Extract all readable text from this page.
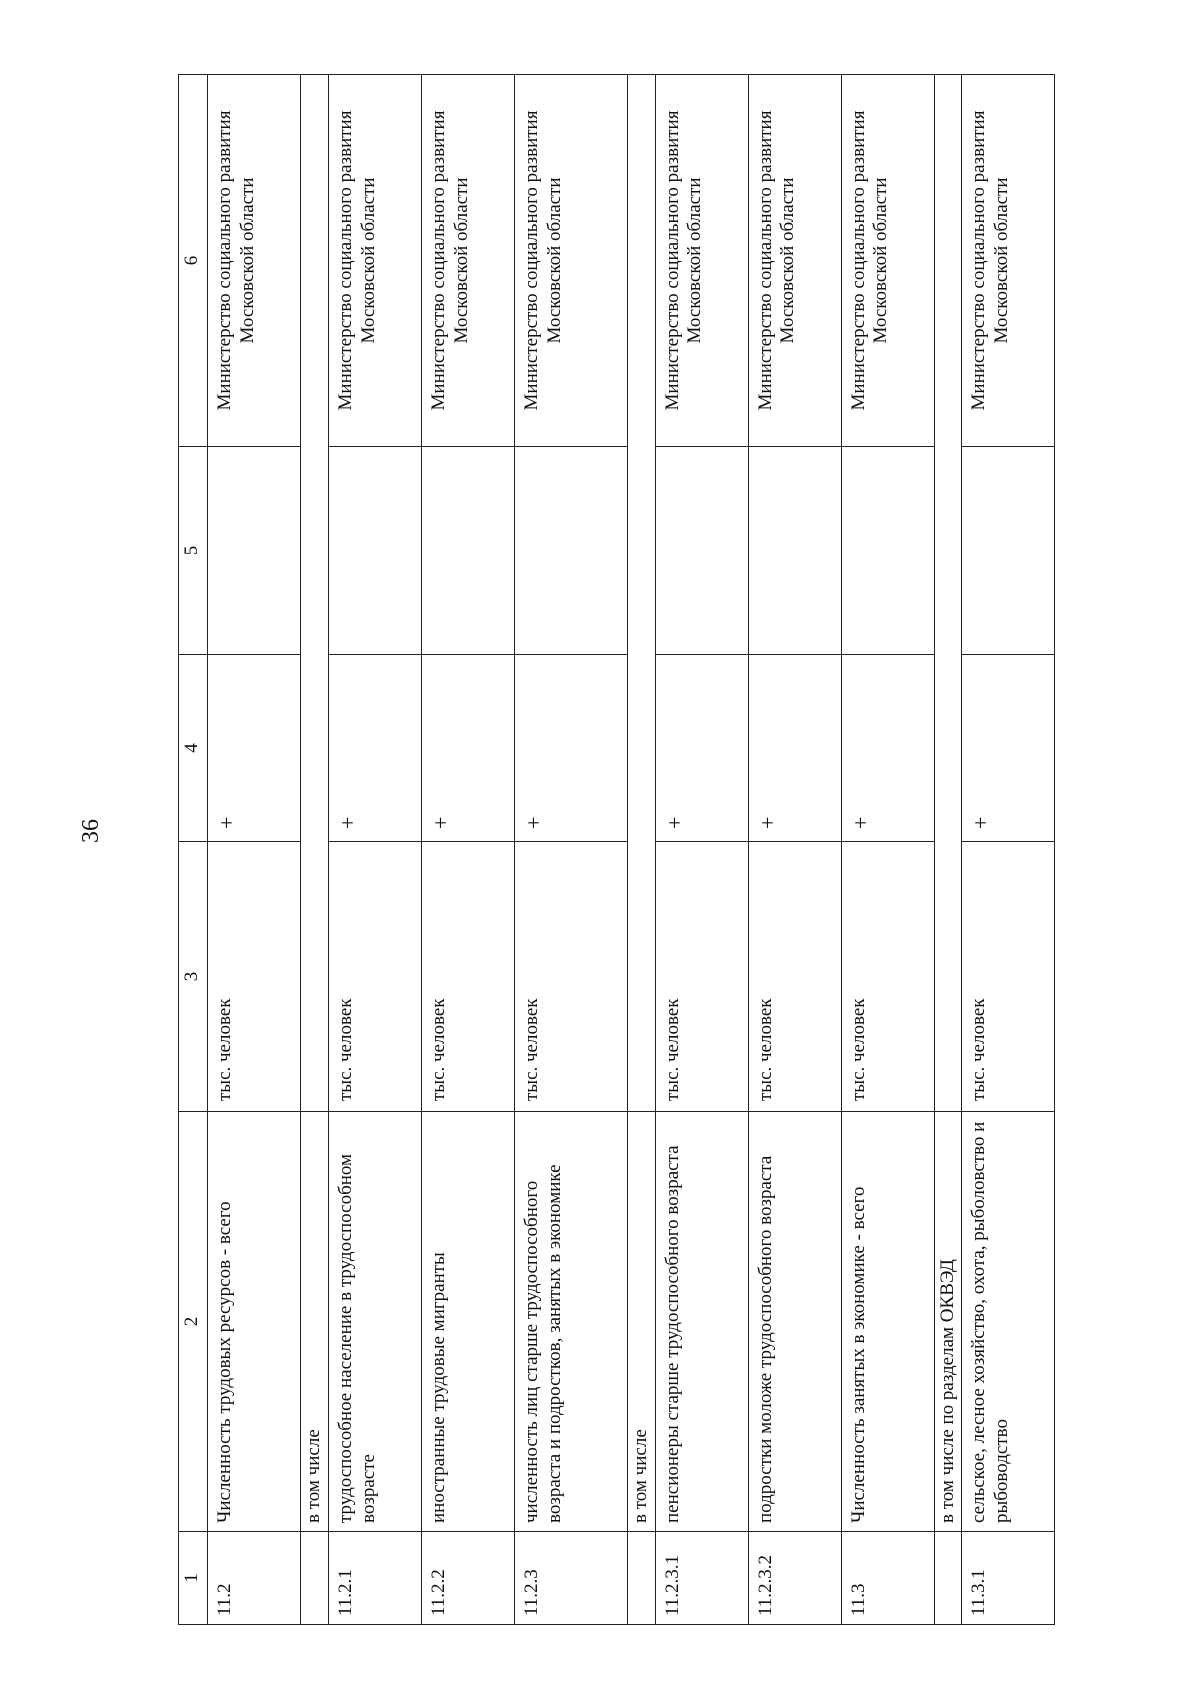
36
1	2	3	4	5	6
11.2	Численность трудовых ресурсов - всего	тыс. человек	+		Министерство социального развития Московской области
	в том числе				
11.2.1	трудоспособное население в трудоспособном возрасте	тыс. человек	+		Министерство социального развития Московской области
11.2.2	иностранные трудовые мигранты	тыс. человек	+		Министерство социального развития Московской области
11.2.3	численность лиц старше трудоспособного возраста и подростков, занятых в экономике	тыс. человек	+		Министерство социального развития Московской области
	в том числе				
11.2.3.1	пенсионеры старше трудоспособного возраста	тыс. человек	+		Министерство социального развития Московской области
11.2.3.2	подростки моложе трудоспособного возраста	тыс. человек	+		Министерство социального развития Московской области
11.3	Численность занятых в экономике - всего	тыс. человек	+		Министерство социального развития Московской области
	в том числе по разделам ОКВЭД				
11.3.1	сельское, лесное хозяйство, охота, рыболовство и рыбоводство	тыс. человек	+		Министерство социального развития Московской области
